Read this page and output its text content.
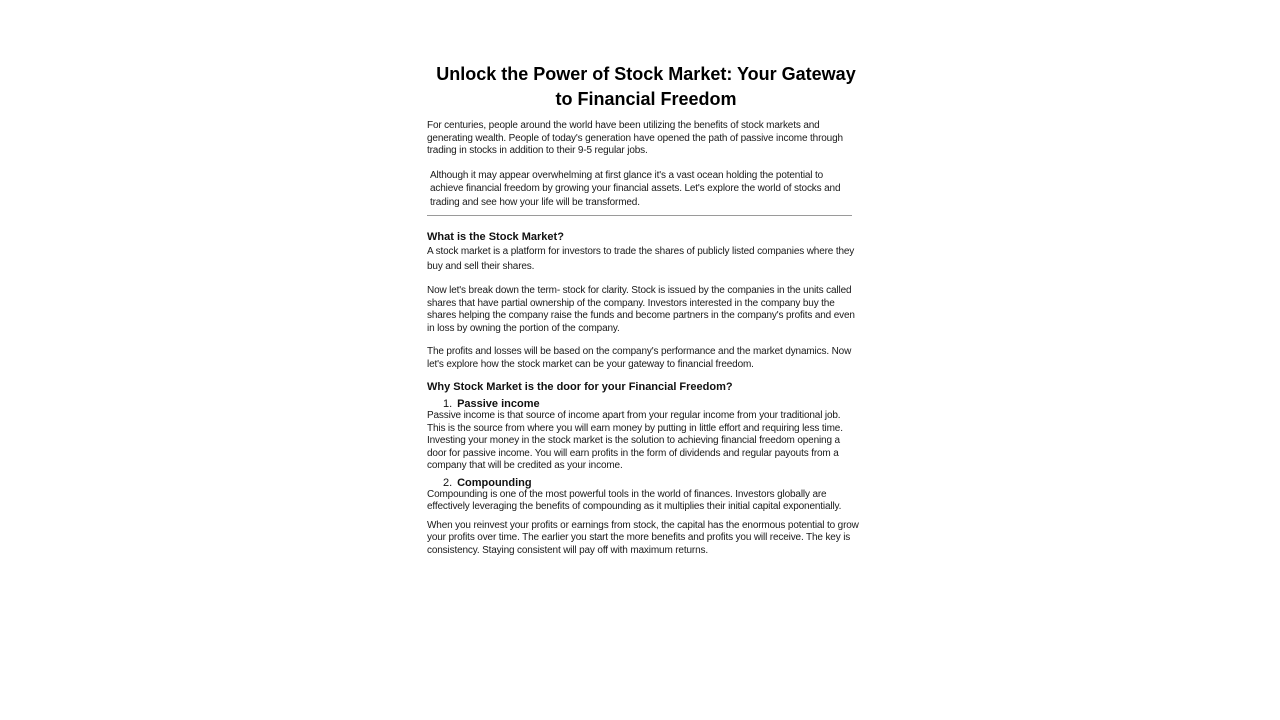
Unlock the Power of Stock Market: Your Gateway to Financial Freedom

For centuries, people around the world have been utilizing the benefits of stock markets and generating wealth. People of today's generation have opened the path of passive income through trading in stocks in addition to their 9-5 regular jobs.

Although it may appear overwhelming at first glance it's a vast ocean holding the potential to achieve financial freedom by growing your financial assets. Let's explore the world of stocks and trading and see how your life will be transformed.

What is the Stock Market?

A stock market is a platform for investors to trade the shares of publicly listed companies where they buy and sell their shares.

Now let's break down the term- stock for clarity. Stock is issued by the companies in the units called shares that have partial ownership of the company. Investors interested in the company buy the shares helping the company raise the funds and become partners in the company's profits and even in loss by owning the portion of the company.

The profits and losses will be based on the company's performance and the market dynamics. Now let's explore how the stock market can be your gateway to financial freedom.

Why Stock Market is the door for your Financial Freedom?
1. Passive income

Passive income is that source of income apart from your regular income from your traditional job. This is the source from where you will earn money by putting in little effort and requiring less time.

Investing your money in the stock market is the solution to achieving financial freedom opening a door for passive income. You will earn profits in the form of dividends and regular payouts from a company that will be credited as your income.

2. Compounding

Compounding is one of the most powerful tools in the world of finances. Investors globally are effectively leveraging the benefits of compounding as it multiplies their initial capital exponentially.

When you reinvest your profits or earnings from stock, the capital has the enormous potential to grow your profits over time. The earlier you start the more benefits and profits you will receive. The key is consistency. Staying consistent will pay off with maximum returns.
